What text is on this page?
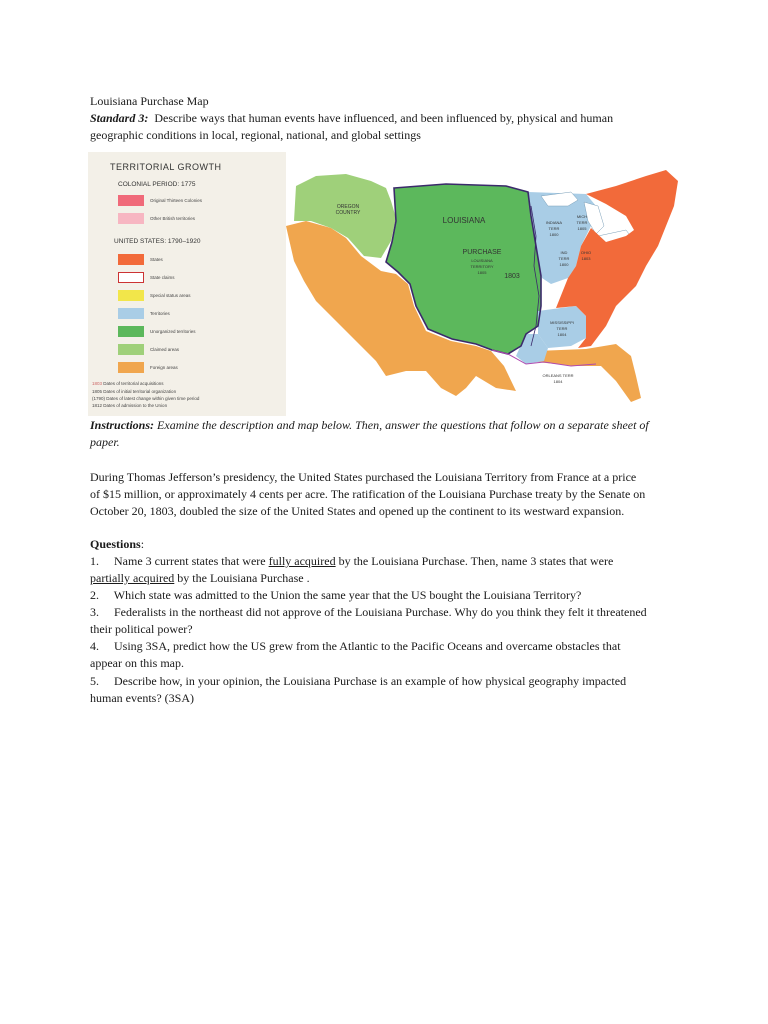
Louisiana Purchase Map
Standard 3: Describe ways that human events have influenced, and been influenced by, physical and human
geographic conditions in local, regional, national, and global settings
TERRITORIAL GROWTH
COLONIAL PERIOD: 1775
Original Thirteen Colonies
Other British territories
UNITED STATES: 1790–1920
States
State claims
Special status areas
Territories
Unorganized territories
Claimed areas
Foreign areas
1803 Dates of territorial acquisitions
1805 Dates of initial territorial organization
(1790) Dates of latest change within given time period
1812 Dates of admission to the Union
OREGON
COUNTRY
LOUISIANA
PURCHASE
LOUISIANA
TERRITORY
1805
1803
INDIANA
TERR
1800
MICH
TERR
1805
IND
TERR
1800
OHIO
1803
MISSISSIPPI
TERR
1804
ORLEANS TERR
1804
Instructions: Examine the description and map below. Then, answer the questions that follow on a separate sheet of
paper.
During Thomas Jefferson’s presidency, the United States purchased the Louisiana Territory from France at a price
of $15 million, or approximately 4 cents per acre. The ratification of the Louisiana Purchase treaty by the Senate on
October 20, 1803, doubled the size of the United States and opened up the continent to its westward expansion.
Questions:
1. Name 3 current states that were fully acquired by the Louisiana Purchase. Then, name 3 states that were
partially acquired by the Louisiana Purchase .
2. Which state was admitted to the Union the same year that the US bought the Louisiana Territory?
3. Federalists in the northeast did not approve of the Louisiana Purchase. Why do you think they felt it threatened
their political power?
4. Using 3SA, predict how the US grew from the Atlantic to the Pacific Oceans and overcame obstacles that
appear on this map.
5. Describe how, in your opinion, the Louisiana Purchase is an example of how physical geography impacted
human events? (3SA)
